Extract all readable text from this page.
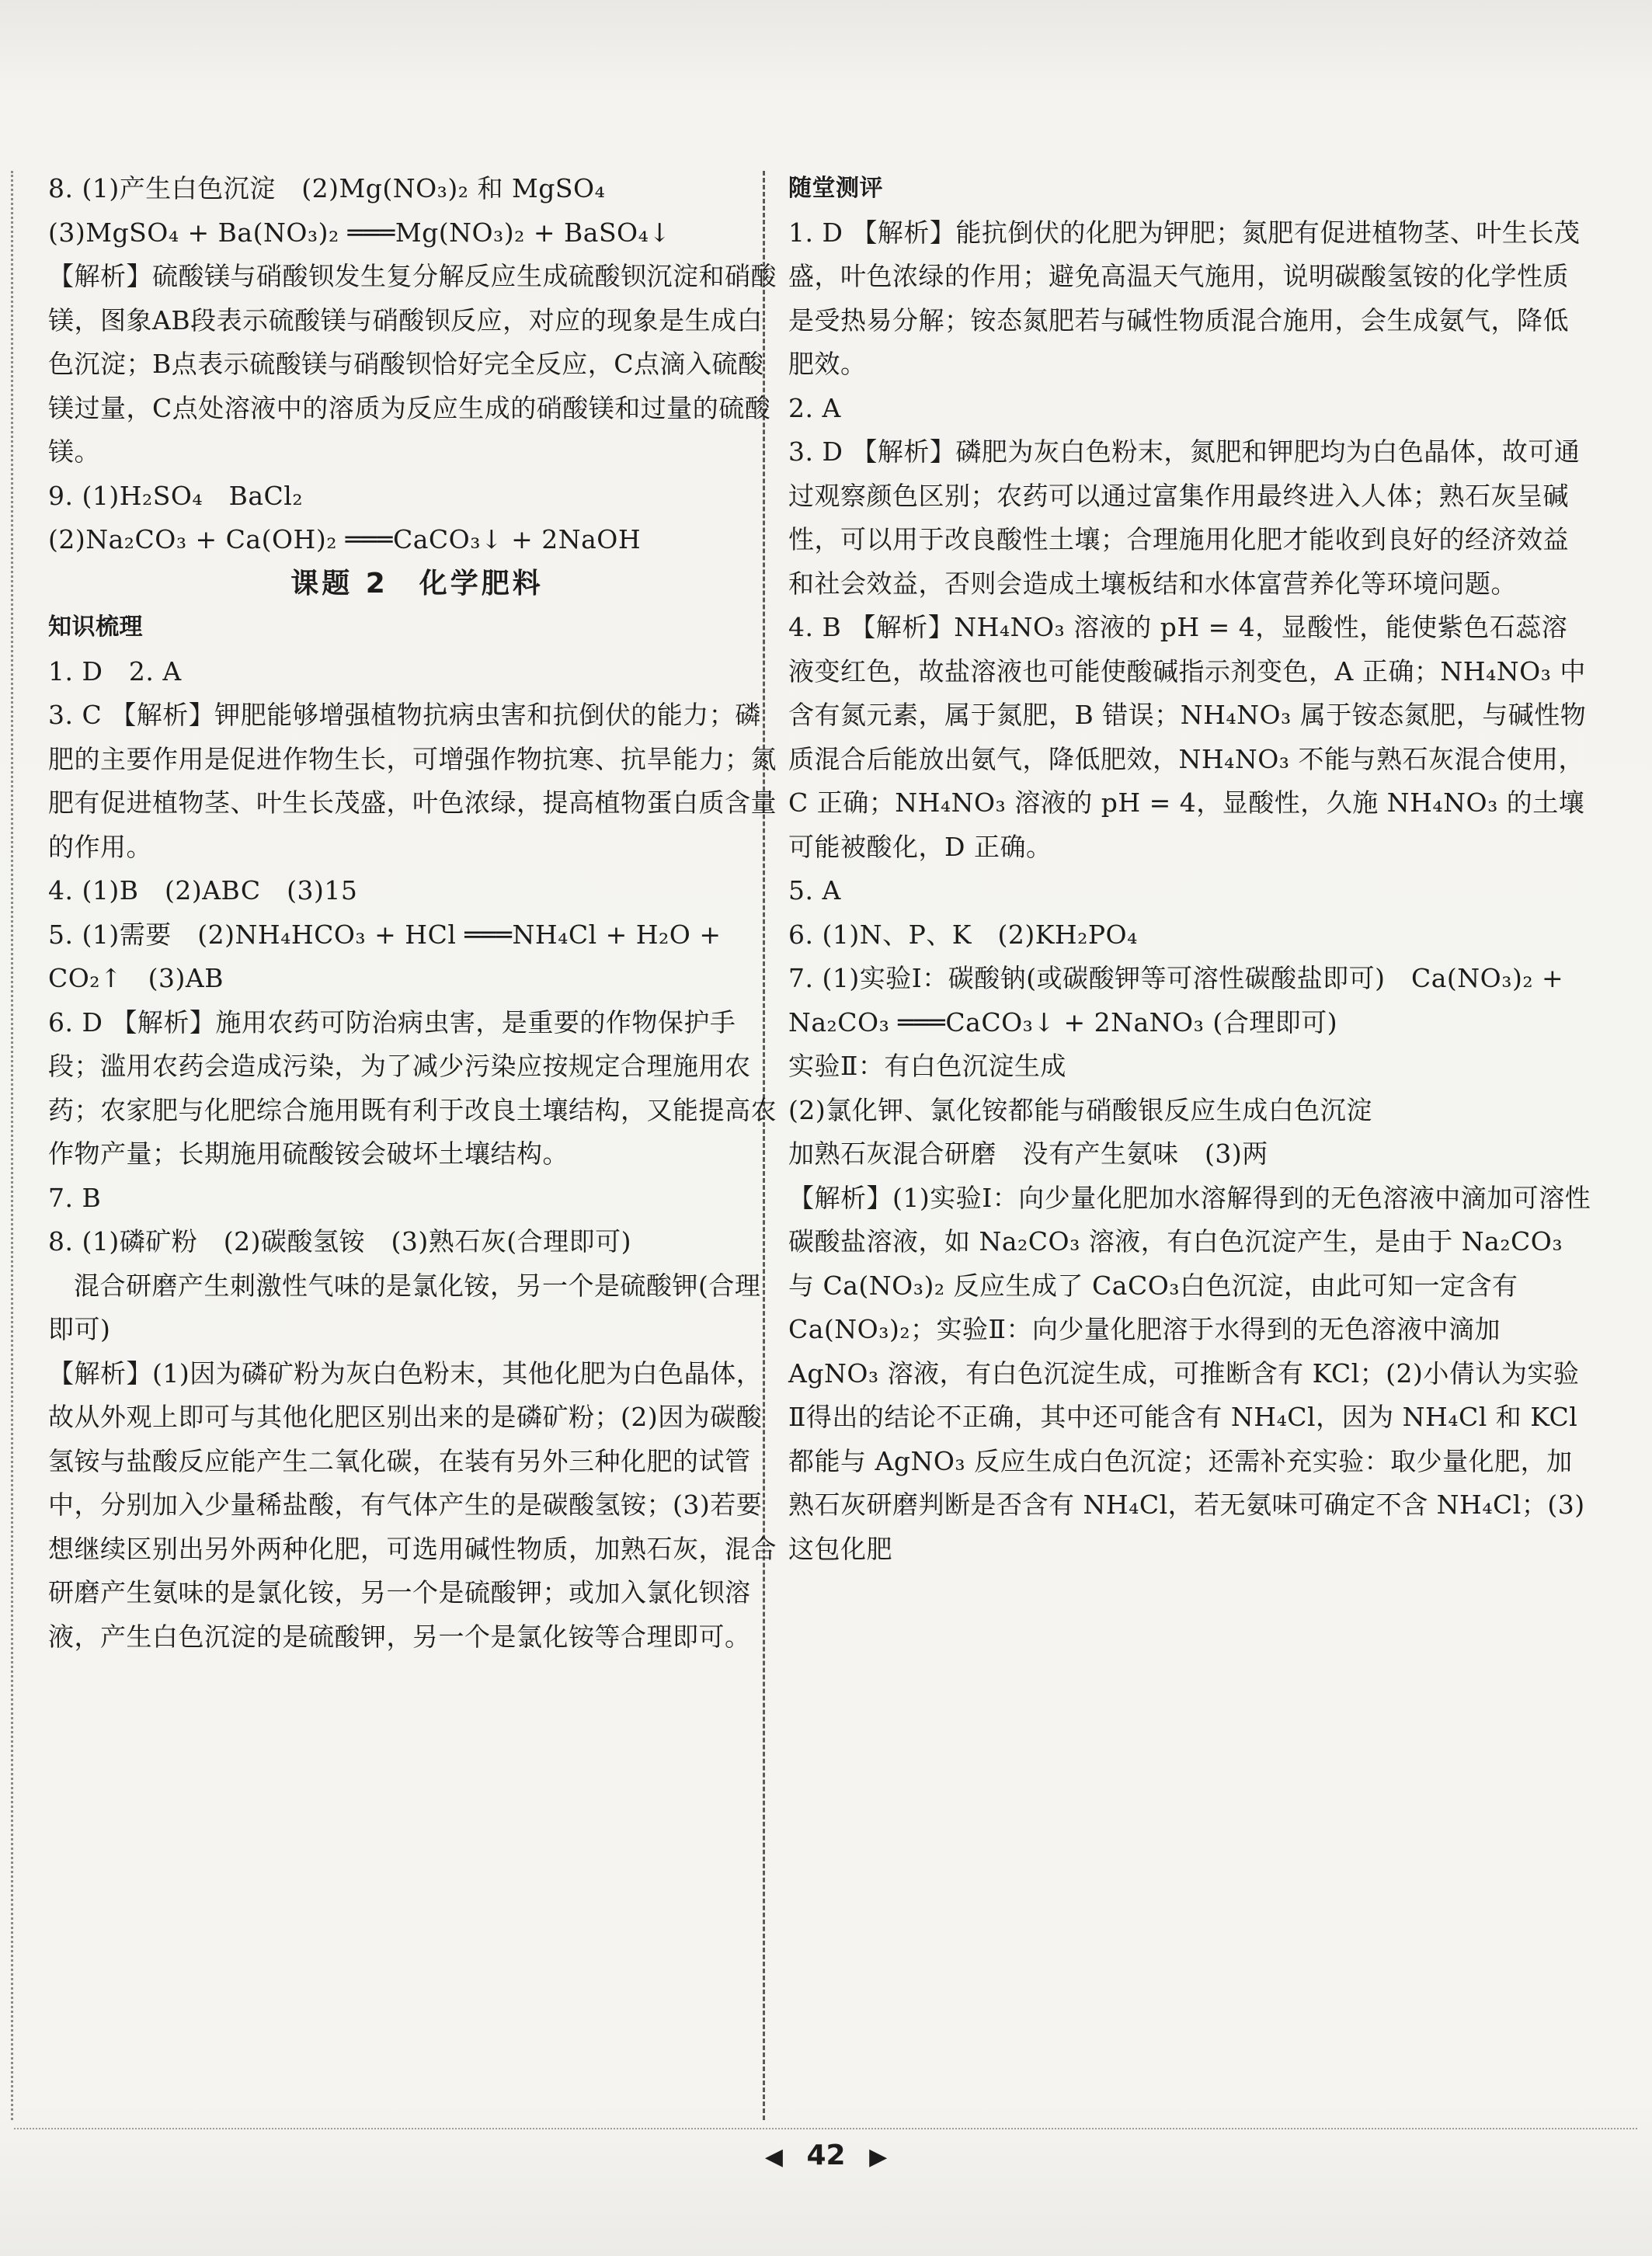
8. (1)产生白色沉淀　(2)Mg(NO₃)₂ 和 MgSO₄

(3)MgSO₄ + Ba(NO₃)₂ ═══Mg(NO₃)₂ + BaSO₄↓

【解析】硫酸镁与硝酸钡发生复分解反应生成硫酸钡沉淀和硝酸镁，图象AB段表示硫酸镁与硝酸钡反应，对应的现象是生成白色沉淀；B点表示硫酸镁与硝酸钡恰好完全反应，C点滴入硫酸镁过量，C点处溶液中的溶质为反应生成的硝酸镁和过量的硫酸镁。

9. (1)H₂SO₄　BaCl₂

(2)Na₂CO₃ + Ca(OH)₂ ═══CaCO₃↓ + 2NaOH

课题 2　化学肥料

知识梳理

1. D　2. A

3. C 【解析】钾肥能够增强植物抗病虫害和抗倒伏的能力；磷肥的主要作用是促进作物生长，可增强作物抗寒、抗旱能力；氮肥有促进植物茎、叶生长茂盛，叶色浓绿，提高植物蛋白质含量的作用。

4. (1)B　(2)ABC　(3)15

5. (1)需要　(2)NH₄HCO₃ + HCl ═══NH₄Cl + H₂O +

CO₂↑　(3)AB

6. D 【解析】施用农药可防治病虫害，是重要的作物保护手段；滥用农药会造成污染，为了减少污染应按规定合理施用农药；农家肥与化肥综合施用既有利于改良土壤结构，又能提高农作物产量；长期施用硫酸铵会破坏土壤结构。

7. B

8. (1)磷矿粉　(2)碳酸氢铵　(3)熟石灰(合理即可)

混合研磨产生刺激性气味的是氯化铵，另一个是硫酸钾(合理即可)

【解析】(1)因为磷矿粉为灰白色粉末，其他化肥为白色晶体，故从外观上即可与其他化肥区别出来的是磷矿粉；(2)因为碳酸氢铵与盐酸反应能产生二氧化碳，在装有另外三种化肥的试管中，分别加入少量稀盐酸，有气体产生的是碳酸氢铵；(3)若要想继续区别出另外两种化肥，可选用碱性物质，加熟石灰，混合研磨产生氨味的是氯化铵，另一个是硫酸钾；或加入氯化钡溶液，产生白色沉淀的是硫酸钾，另一个是氯化铵等合理即可。

随堂测评

1. D 【解析】能抗倒伏的化肥为钾肥；氮肥有促进植物茎、叶生长茂盛，叶色浓绿的作用；避免高温天气施用，说明碳酸氢铵的化学性质是受热易分解；铵态氮肥若与碱性物质混合施用，会生成氨气，降低肥效。

2. A

3. D 【解析】磷肥为灰白色粉末，氮肥和钾肥均为白色晶体，故可通过观察颜色区别；农药可以通过富集作用最终进入人体；熟石灰呈碱性，可以用于改良酸性土壤；合理施用化肥才能收到良好的经济效益和社会效益，否则会造成土壤板结和水体富营养化等环境问题。

4. B 【解析】NH₄NO₃ 溶液的 pH = 4，显酸性，能使紫色石蕊溶液变红色，故盐溶液也可能使酸碱指示剂变色，A 正确；NH₄NO₃ 中含有氮元素，属于氮肥，B 错误；NH₄NO₃ 属于铵态氮肥，与碱性物质混合后能放出氨气，降低肥效，NH₄NO₃ 不能与熟石灰混合使用，C 正确；NH₄NO₃ 溶液的 pH = 4，显酸性，久施 NH₄NO₃ 的土壤可能被酸化，D 正确。

5. A

6. (1)N、P、K　(2)KH₂PO₄

7. (1)实验Ⅰ：碳酸钠(或碳酸钾等可溶性碳酸盐即可)　Ca(NO₃)₂ + Na₂CO₃ ═══CaCO₃↓ + 2NaNO₃ (合理即可)

实验Ⅱ：有白色沉淀生成

(2)氯化钾、氯化铵都能与硝酸银反应生成白色沉淀

加熟石灰混合研磨　没有产生氨味　(3)两

【解析】(1)实验Ⅰ：向少量化肥加水溶解得到的无色溶液中滴加可溶性碳酸盐溶液，如 Na₂CO₃ 溶液，有白色沉淀产生，是由于 Na₂CO₃ 与 Ca(NO₃)₂ 反应生成了 CaCO₃白色沉淀，由此可知一定含有 Ca(NO₃)₂；实验Ⅱ：向少量化肥溶于水得到的无色溶液中滴加 AgNO₃ 溶液，有白色沉淀生成，可推断含有 KCl；(2)小倩认为实验Ⅱ得出的结论不正确，其中还可能含有 NH₄Cl，因为 NH₄Cl 和 KCl 都能与 AgNO₃ 反应生成白色沉淀；还需补充实验：取少量化肥，加熟石灰研磨判断是否含有 NH₄Cl，若无氨味可确定不含 NH₄Cl；(3)这包化肥

◀ 42 ▶
